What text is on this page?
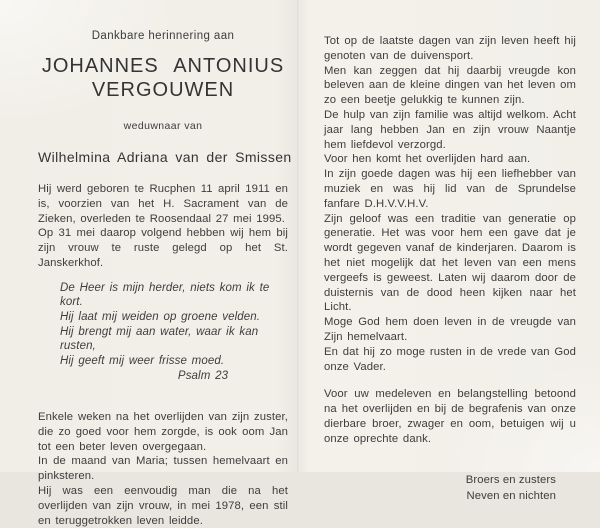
Dankbare herinnering aan

JOHANNES ANTONIUS
VERGOUWEN

weduwnaar van

Wilhelmina Adriana van der Smissen

Hij werd geboren te Rucphen 11 april 1911 en is, voorzien van het H. Sacrament van de Zieken, overleden te Roosendaal 27 mei 1995.

Op 31 mei daarop volgend hebben wij hem bij zijn vrouw te ruste gelegd op het St. Janskerkhof.

De Heer is mijn herder, niets kom ik te kort.

Hij laat mij weiden op groene velden.

Hij brengt mij aan water, waar ik kan rusten,

Hij geeft mij weer frisse moed.

Psalm 23

Enkele weken na het overlijden van zijn zuster, die zo goed voor hem zorgde, is ook oom Jan tot een beter leven overgegaan.

In de maand van Maria; tussen hemelvaart en pinksteren.

Hij was een eenvoudig man die na het overlijden van zijn vrouw, in mei 1978, een stil en teruggetrokken leven leidde.

Tot op de laatste dagen van zijn leven heeft hij genoten van de duivensport.

Men kan zeggen dat hij daarbij vreugde kon beleven aan de kleine dingen van het leven om zo een beetje gelukkig te kunnen zijn.

De hulp van zijn familie was altijd welkom. Acht jaar lang hebben Jan en zijn vrouw Naantje hem liefdevol verzorgd.

Voor hen komt het overlijden hard aan.

In zijn goede dagen was hij een liefhebber van muziek en was hij lid van de Sprundelse fanfare D.H.V.V.H.V.

Zijn geloof was een traditie van generatie op generatie. Het was voor hem een gave dat je wordt gegeven vanaf de kinderjaren. Daarom is het niet mogelijk dat het leven van een mens vergeefs is geweest. Laten wij daarom door de duisternis van de dood heen kijken naar het Licht.

Moge God hem doen leven in de vreugde van Zijn hemelvaart.

En dat hij zo moge rusten in de vrede van God onze Vader.

Voor uw medeleven en belangstelling betoond na het overlijden en bij de begrafenis van onze dierbare broer, zwager en oom, betuigen wij u onze oprechte dank.

Broers en zusters
Neven en nichten
